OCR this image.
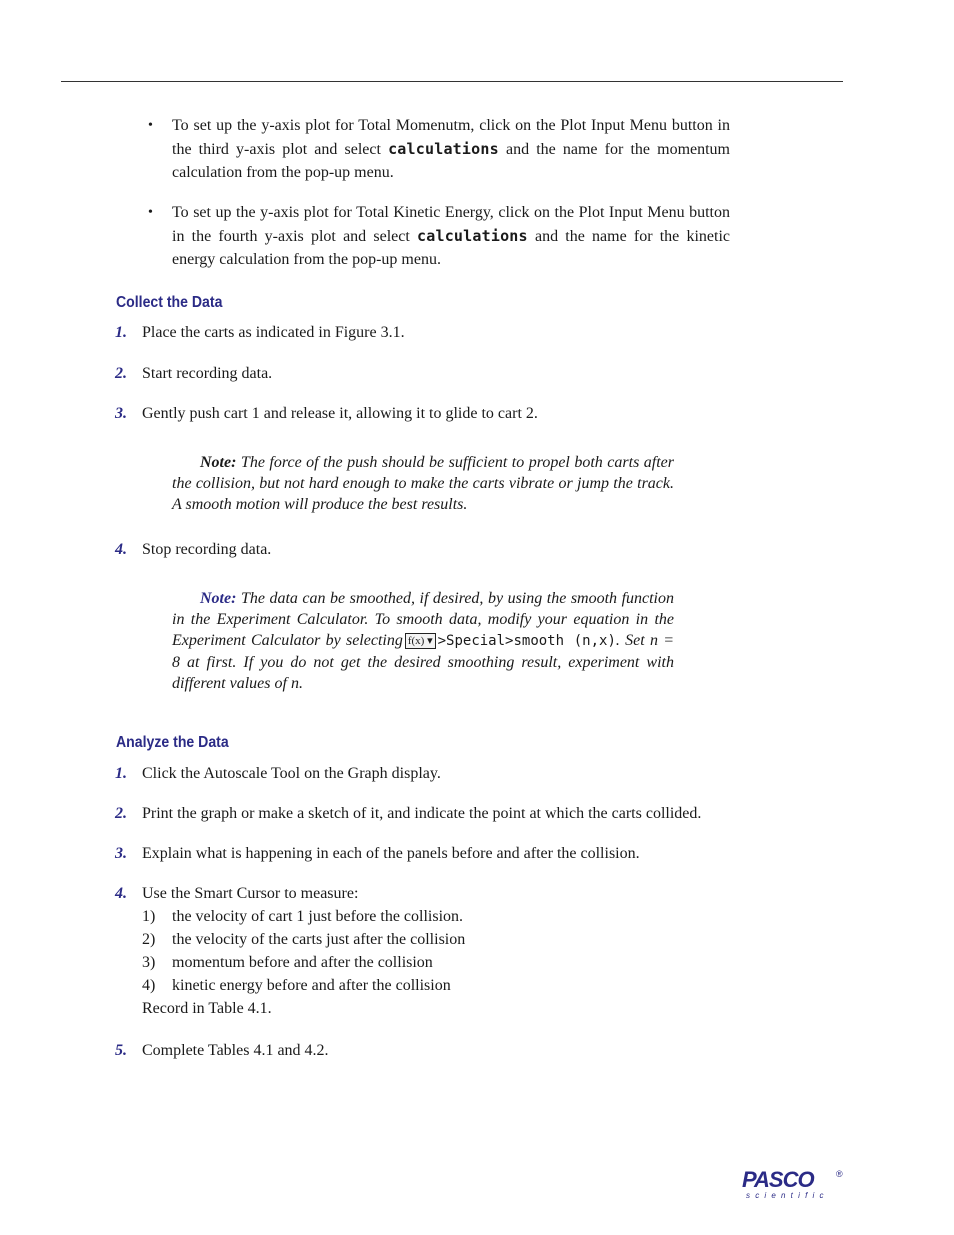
• To set up the y-axis plot for Total Momenutm, click on the Plot Input Menu button in the third y-axis plot and select calculations and the name for the momentum calculation from the pop-up menu.
• To set up the y-axis plot for Total Kinetic Energy, click on the Plot Input Menu button in the fourth y-axis plot and select calculations and the name for the kinetic energy calculation from the pop-up menu.
Collect the Data
1. Place the carts as indicated in Figure 3.1.
2. Start recording data.
3. Gently push cart 1 and release it, allowing it to glide to cart 2.
Note: The force of the push should be sufficient to propel both carts after the collision, but not hard enough to make the carts vibrate or jump the track. A smooth motion will produce the best results.
4. Stop recording data.
Note: The data can be smoothed, if desired, by using the smooth function in the Experiment Calculator. To smooth data, modify your equation in the Experiment Calculator by selecting f(x) ▾ >Special>smooth (n,x). Set n = 8 at first. If you do not get the desired smoothing result, experiment with different values of n.
Analyze the Data
1. Click the Autoscale Tool on the Graph display.
2. Print the graph or make a sketch of it, and indicate the point at which the carts collided.
3. Explain what is happening in each of the panels before and after the collision.
4. Use the Smart Cursor to measure:
1) the velocity of cart 1 just before the collision.
2) the velocity of the carts just after the collision
3) momentum before and after the collision
4) kinetic energy before and after the collision
Record in Table 4.1.
5. Complete Tables 4.1 and 4.2.
PASCO	®
scientific
